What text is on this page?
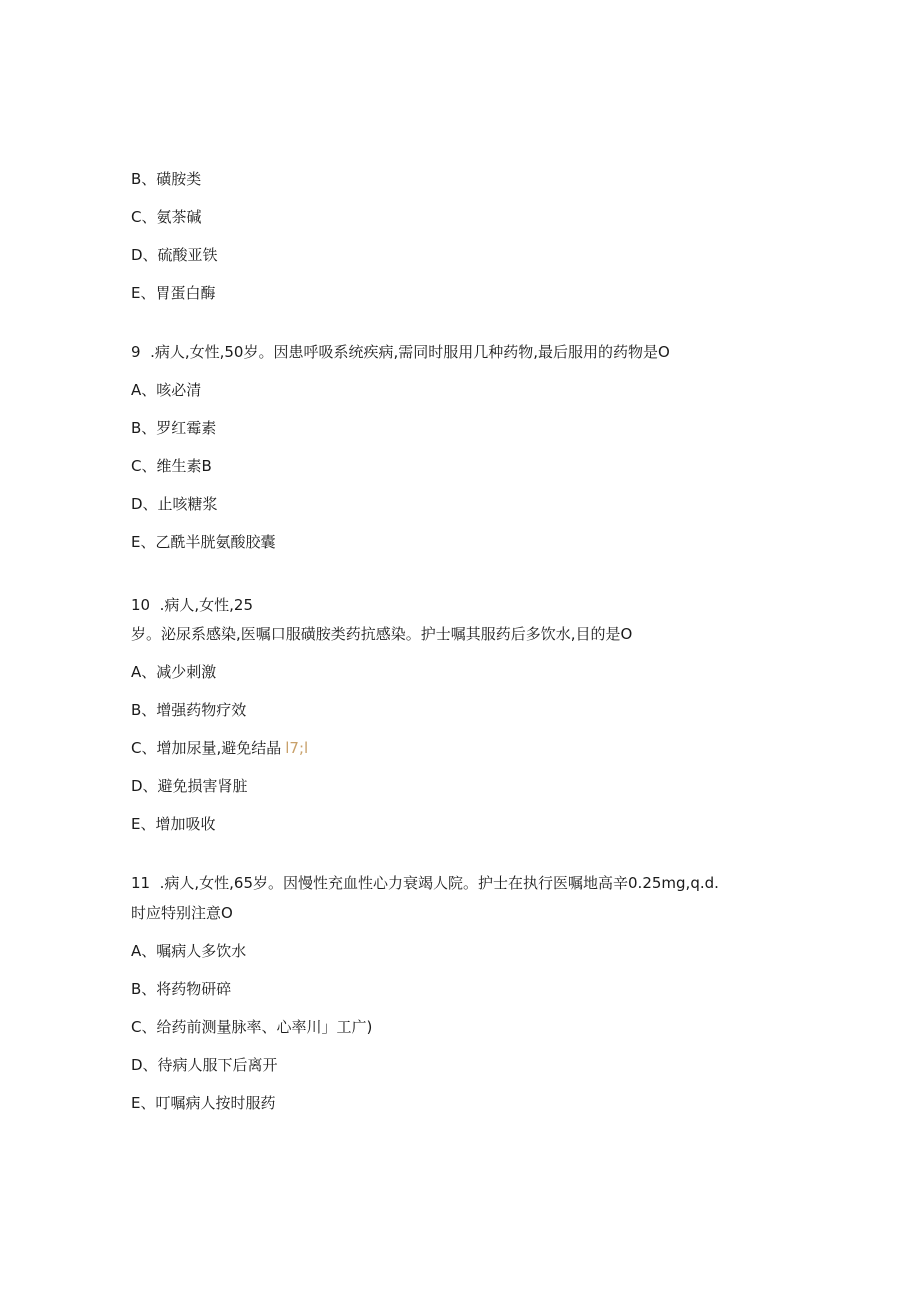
B、磺胺类
C、氨茶碱
D、硫酸亚铁
E、胃蛋白酶
9  .病人,女性,50岁。因患呼吸系统疾病,需同时服用几种药物,最后服用的药物是O
A、咳必清
B、罗红霉素
C、维生素B
D、止咳糖浆
E、乙酰半胱氨酸胶囊
10  .病人,女性,25
岁。泌尿系感染,医嘱口服磺胺类药抗感染。护士嘱其服药后多饮水,目的是O
A、减少刺激
B、增强药物疗效
C、增加尿量,避免结晶 l7;l
D、避免损害肾脏
E、增加吸收
11  .病人,女性,65岁。因慢性充血性心力衰竭人院。护士在执行医嘱地高辛0.25mg,q.d.
时应特别注意O
A、嘱病人多饮水
B、将药物研碎
C、给药前测量脉率、心率川」工广)
D、待病人服下后离开
E、叮嘱病人按时服药
